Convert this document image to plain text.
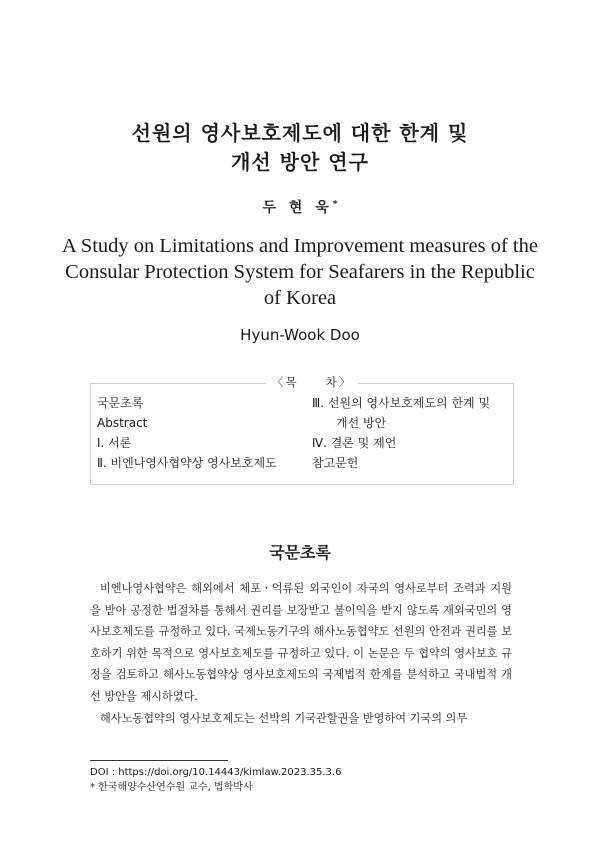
선원의 영사보호제도에 대한 한계 및
개선 방안 연구
두 현 욱*
A Study on Limitations and Improvement measures of the
Consular Protection System for Seafarers in the Republic
of Korea
Hyun-Wook Doo
〈목　　차〉
국문초록
Abstract
Ⅰ. 서론
Ⅱ. 비엔나영사협약상 영사보호제도
Ⅲ. 선원의 영사보호제도의 한계 및
개선 방안
Ⅳ. 결론 및 제언
참고문헌
국문초록

비엔나영사협약은 해외에서 체포ㆍ억류된 외국인이 자국의 영사로부터 조력과 지원을 받아 공정한 법절차를 통해서 권리를 보장받고 불이익을 받지 않도록 재외국민의 영사보호제도를 규정하고 있다. 국제노동기구의 해사노동협약도 선원의 안전과 권리를 보호하기 위한 목적으로 영사보호제도를 규정하고 있다. 이 논문은 두 협약의 영사보호 규정을 검토하고 해사노동협약상 영사보호제도의 국제법적 한계를 분석하고 국내법적 개선 방안을 제시하였다.

해사노동협약의 영사보호제도는 선박의 기국관할권을 반영하여 기국의 의무

DOI : https://doi.org/10.14443/kimlaw.2023.35.3.6
* 한국해양수산연수원 교수, 법학박사
